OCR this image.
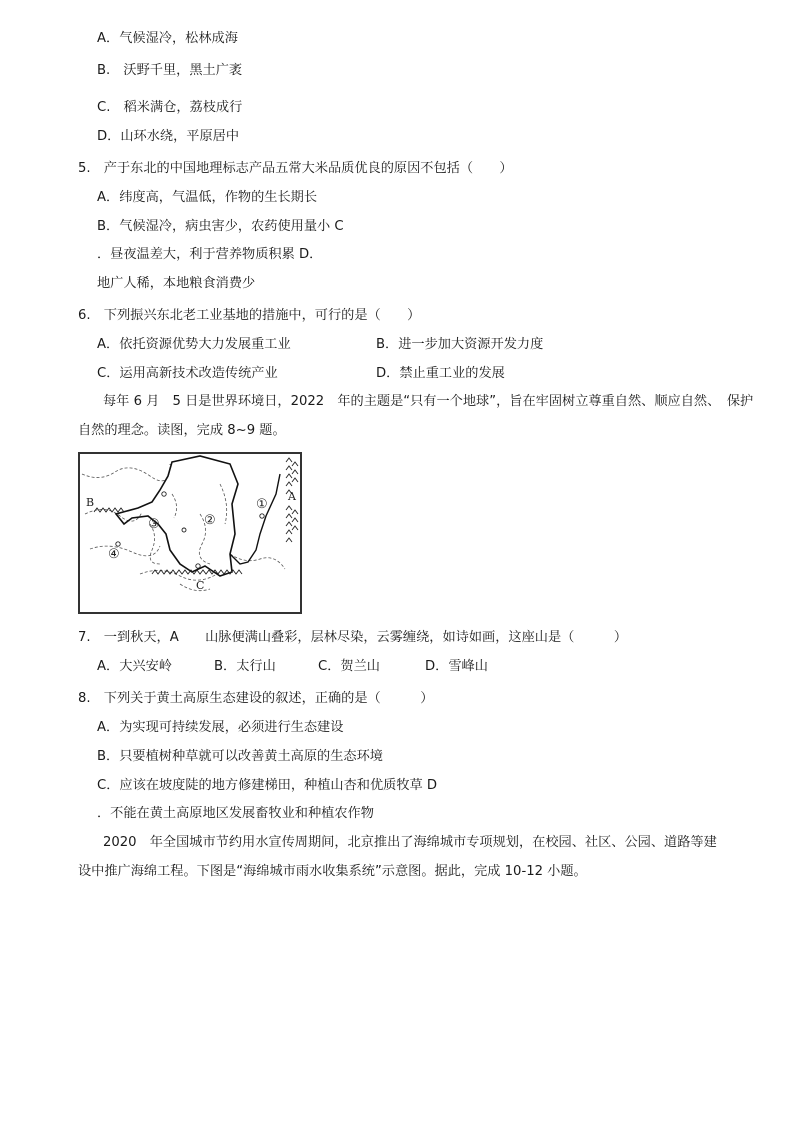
A．气候湿冷，松林成海
B.　沃野千里，黑土广袤
C.　稻米满仓，荔枝成行
D．山环水绕，平原居中
5.　产于东北的中国地理标志产品五常大米品质优良的原因不包括（　　）
A．纬度高，气温低，作物的生长期长
B．气候湿冷，病虫害少，农药使用量小 C
．昼夜温差大，利于营养物质积累 D．
地广人稀，本地粮食消费少
6.　下列振兴东北老工业基地的措施中，可行的是（　　）
A．依托资源优势大力发展重工业	B．进一步加大资源开发力度
C．运用高新技术改造传统产业	D．禁止重工业的发展
每年 6 月　5 日是世界环境日，2022　年的主题是“只有一个地球”，旨在牢固树立尊重自然、顺应自然、　保护
自然的理念。读图，完成 8~9 题。
A
B
C
①
②
③
④
7.　一到秋天，A　　山脉便满山叠彩，层林尽染，云雾缠绕，如诗如画，这座山是（　　　）
A．大兴安岭	B．太行山	C．贺兰山	D．雪峰山
8.　下列关于黄土高原生态建设的叙述，正确的是（　　　）
A．为实现可持续发展，必须进行生态建设
B．只要植树种草就可以改善黄土高原的生态环境
C．应该在坡度陡的地方修建梯田，种植山杏和优质牧草 D
．不能在黄土高原地区发展畜牧业和种植农作物
2020　年全国城市节约用水宣传周期间，北京推出了海绵城市专项规划，在校园、社区、公园、道路等建
设中推广海绵工程。下图是“海绵城市雨水收集系统”示意图。据此，完成 10-12 小题。
